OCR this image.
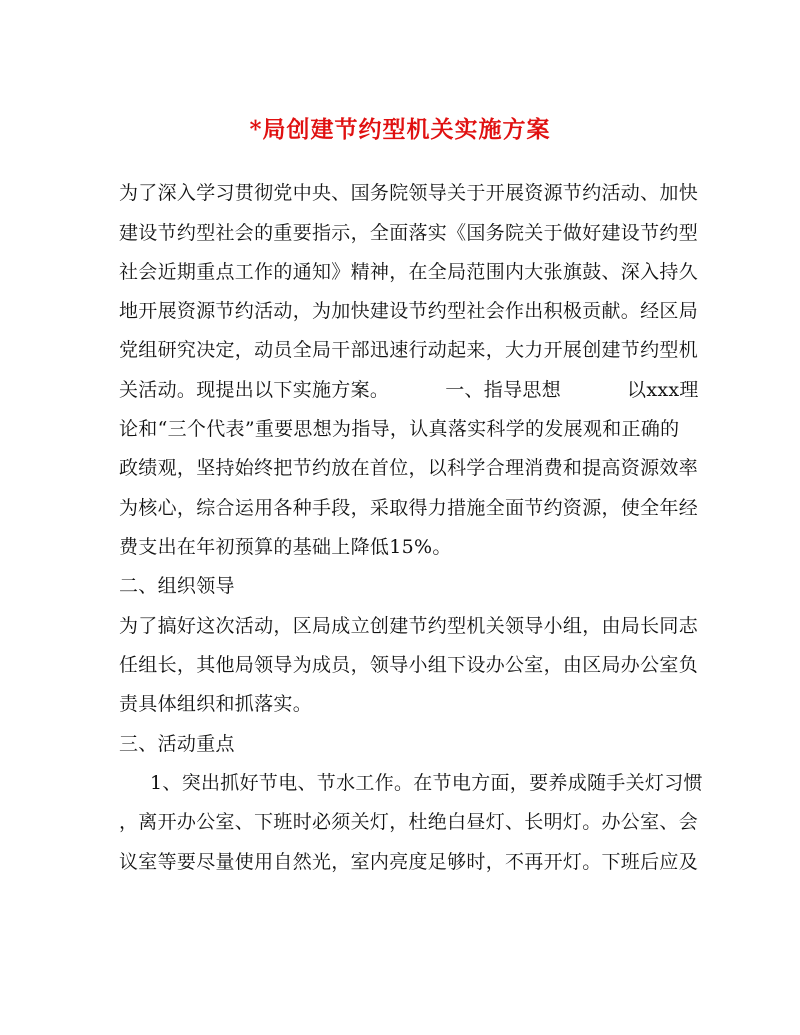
*局创建节约型机关实施方案
为了深入学习贯彻党中央、国务院领导关于开展资源节约活动、加快
建设节约型社会的重要指示，全面落实《国务院关于做好建设节约型
社会近期重点工作的通知》精神，在全局范围内大张旗鼓、深入持久
地开展资源节约活动，为加快建设节约型社会作出积极贡献。经区局
党组研究决定，动员全局干部迅速行动起来，大力开展创建节约型机
关活动。现提出以下实施方案。	一、指导思想	以xxx理
论和“三个代表”重要思想为指导，认真落实科学的发展观和正确的
政绩观，坚持始终把节约放在首位，以科学合理消费和提高资源效率
为核心，综合运用各种手段，采取得力措施全面节约资源，使全年经
费支出在年初预算的基础上降低15%。
二、组织领导
为了搞好这次活动，区局成立创建节约型机关领导小组，由局长同志
任组长，其他局领导为成员，领导小组下设办公室，由区局办公室负
责具体组织和抓落实。
三、活动重点
1、突出抓好节电、节水工作。在节电方面，要养成随手关灯习惯
，离开办公室、下班时必须关灯，杜绝白昼灯、长明灯。办公室、会
议室等要尽量使用自然光，室内亮度足够时，不再开灯。下班后应及
